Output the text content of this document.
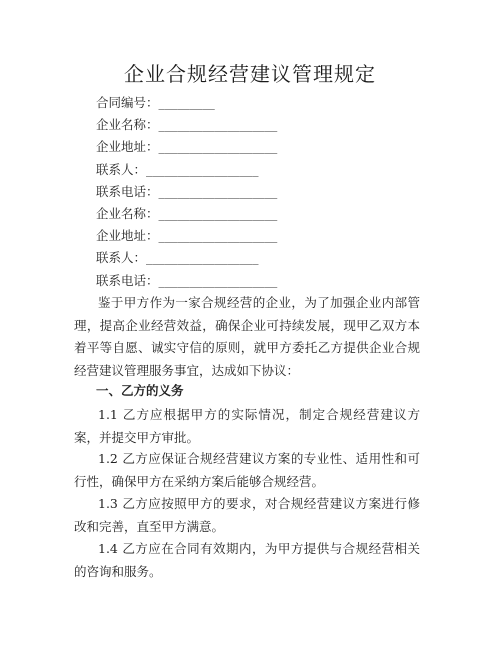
企业合规经营建议管理规定
合同编号：_________
企业名称：___________________
企业地址：___________________
联系人：__________________
联系电话：___________________
企业名称：___________________
企业地址：___________________
联系人：__________________
联系电话：___________________
鉴于甲方作为一家合规经营的企业，为了加强企业内部管理，提高企业经营效益，确保企业可持续发展，现甲乙双方本着平等自愿、诚实守信的原则，就甲方委托乙方提供企业合规经营建议管理服务事宜，达成如下协议：
一、乙方的义务
1.1 乙方应根据甲方的实际情况，制定合规经营建议方案，并提交甲方审批。
1.2 乙方应保证合规经营建议方案的专业性、适用性和可行性，确保甲方在采纳方案后能够合规经营。
1.3 乙方应按照甲方的要求，对合规经营建议方案进行修改和完善，直至甲方满意。
1.4 乙方应在合同有效期内，为甲方提供与合规经营相关的咨询和服务。
